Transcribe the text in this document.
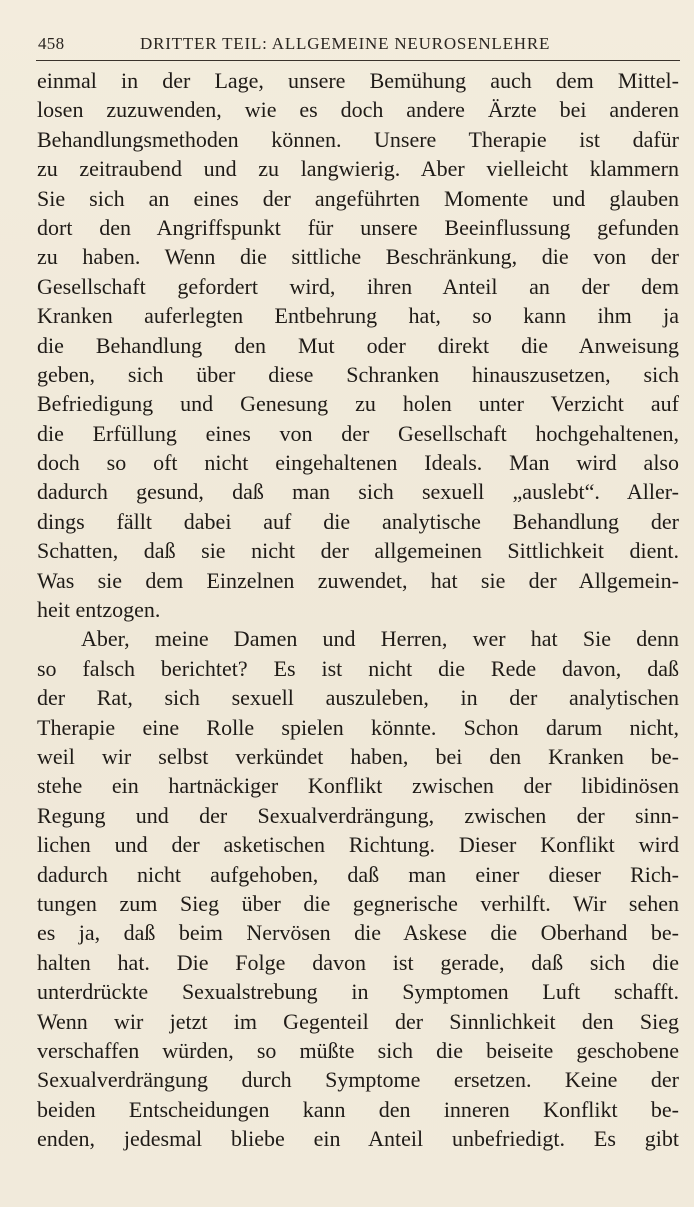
458	DRITTER TEIL: ALLGEMEINE NEUROSENLEHRE
einmal in der Lage, unsere Bemühung auch dem Mittel-
losen zuzuwenden, wie es doch andere Ärzte bei anderen
Behandlungsmethoden können. Unsere Therapie ist dafür
zu zeitraubend und zu langwierig. Aber vielleicht klammern
Sie sich an eines der angeführten Momente und glauben
dort den Angriffspunkt für unsere Beeinflussung gefunden
zu haben. Wenn die sittliche Beschränkung, die von der
Gesellschaft gefordert wird, ihren Anteil an der dem
Kranken auferlegten Entbehrung hat, so kann ihm ja
die Behandlung den Mut oder direkt die Anweisung
geben, sich über diese Schranken hinauszusetzen, sich
Befriedigung und Genesung zu holen unter Verzicht auf
die Erfüllung eines von der Gesellschaft hochgehaltenen,
doch so oft nicht eingehaltenen Ideals. Man wird also
dadurch gesund, daß man sich sexuell „auslebt“. Aller-
dings fällt dabei auf die analytische Behandlung der
Schatten, daß sie nicht der allgemeinen Sittlichkeit dient.
Was sie dem Einzelnen zuwendet, hat sie der Allgemein-
heit entzogen.
Aber, meine Damen und Herren, wer hat Sie denn
so falsch berichtet? Es ist nicht die Rede davon, daß
der Rat, sich sexuell auszuleben, in der analytischen
Therapie eine Rolle spielen könnte. Schon darum nicht,
weil wir selbst verkündet haben, bei den Kranken be-
stehe ein hartnäckiger Konflikt zwischen der libidinösen
Regung und der Sexualverdrängung, zwischen der sinn-
lichen und der asketischen Richtung. Dieser Konflikt wird
dadurch nicht aufgehoben, daß man einer dieser Rich-
tungen zum Sieg über die gegnerische verhilft. Wir sehen
es ja, daß beim Nervösen die Askese die Oberhand be-
halten hat. Die Folge davon ist gerade, daß sich die
unterdrückte Sexualstrebung in Symptomen Luft schafft.
Wenn wir jetzt im Gegenteil der Sinnlichkeit den Sieg
verschaffen würden, so müßte sich die beiseite geschobene
Sexualverdrängung durch Symptome ersetzen. Keine der
beiden Entscheidungen kann den inneren Konflikt be-
enden, jedesmal bliebe ein Anteil unbefriedigt. Es gibt
